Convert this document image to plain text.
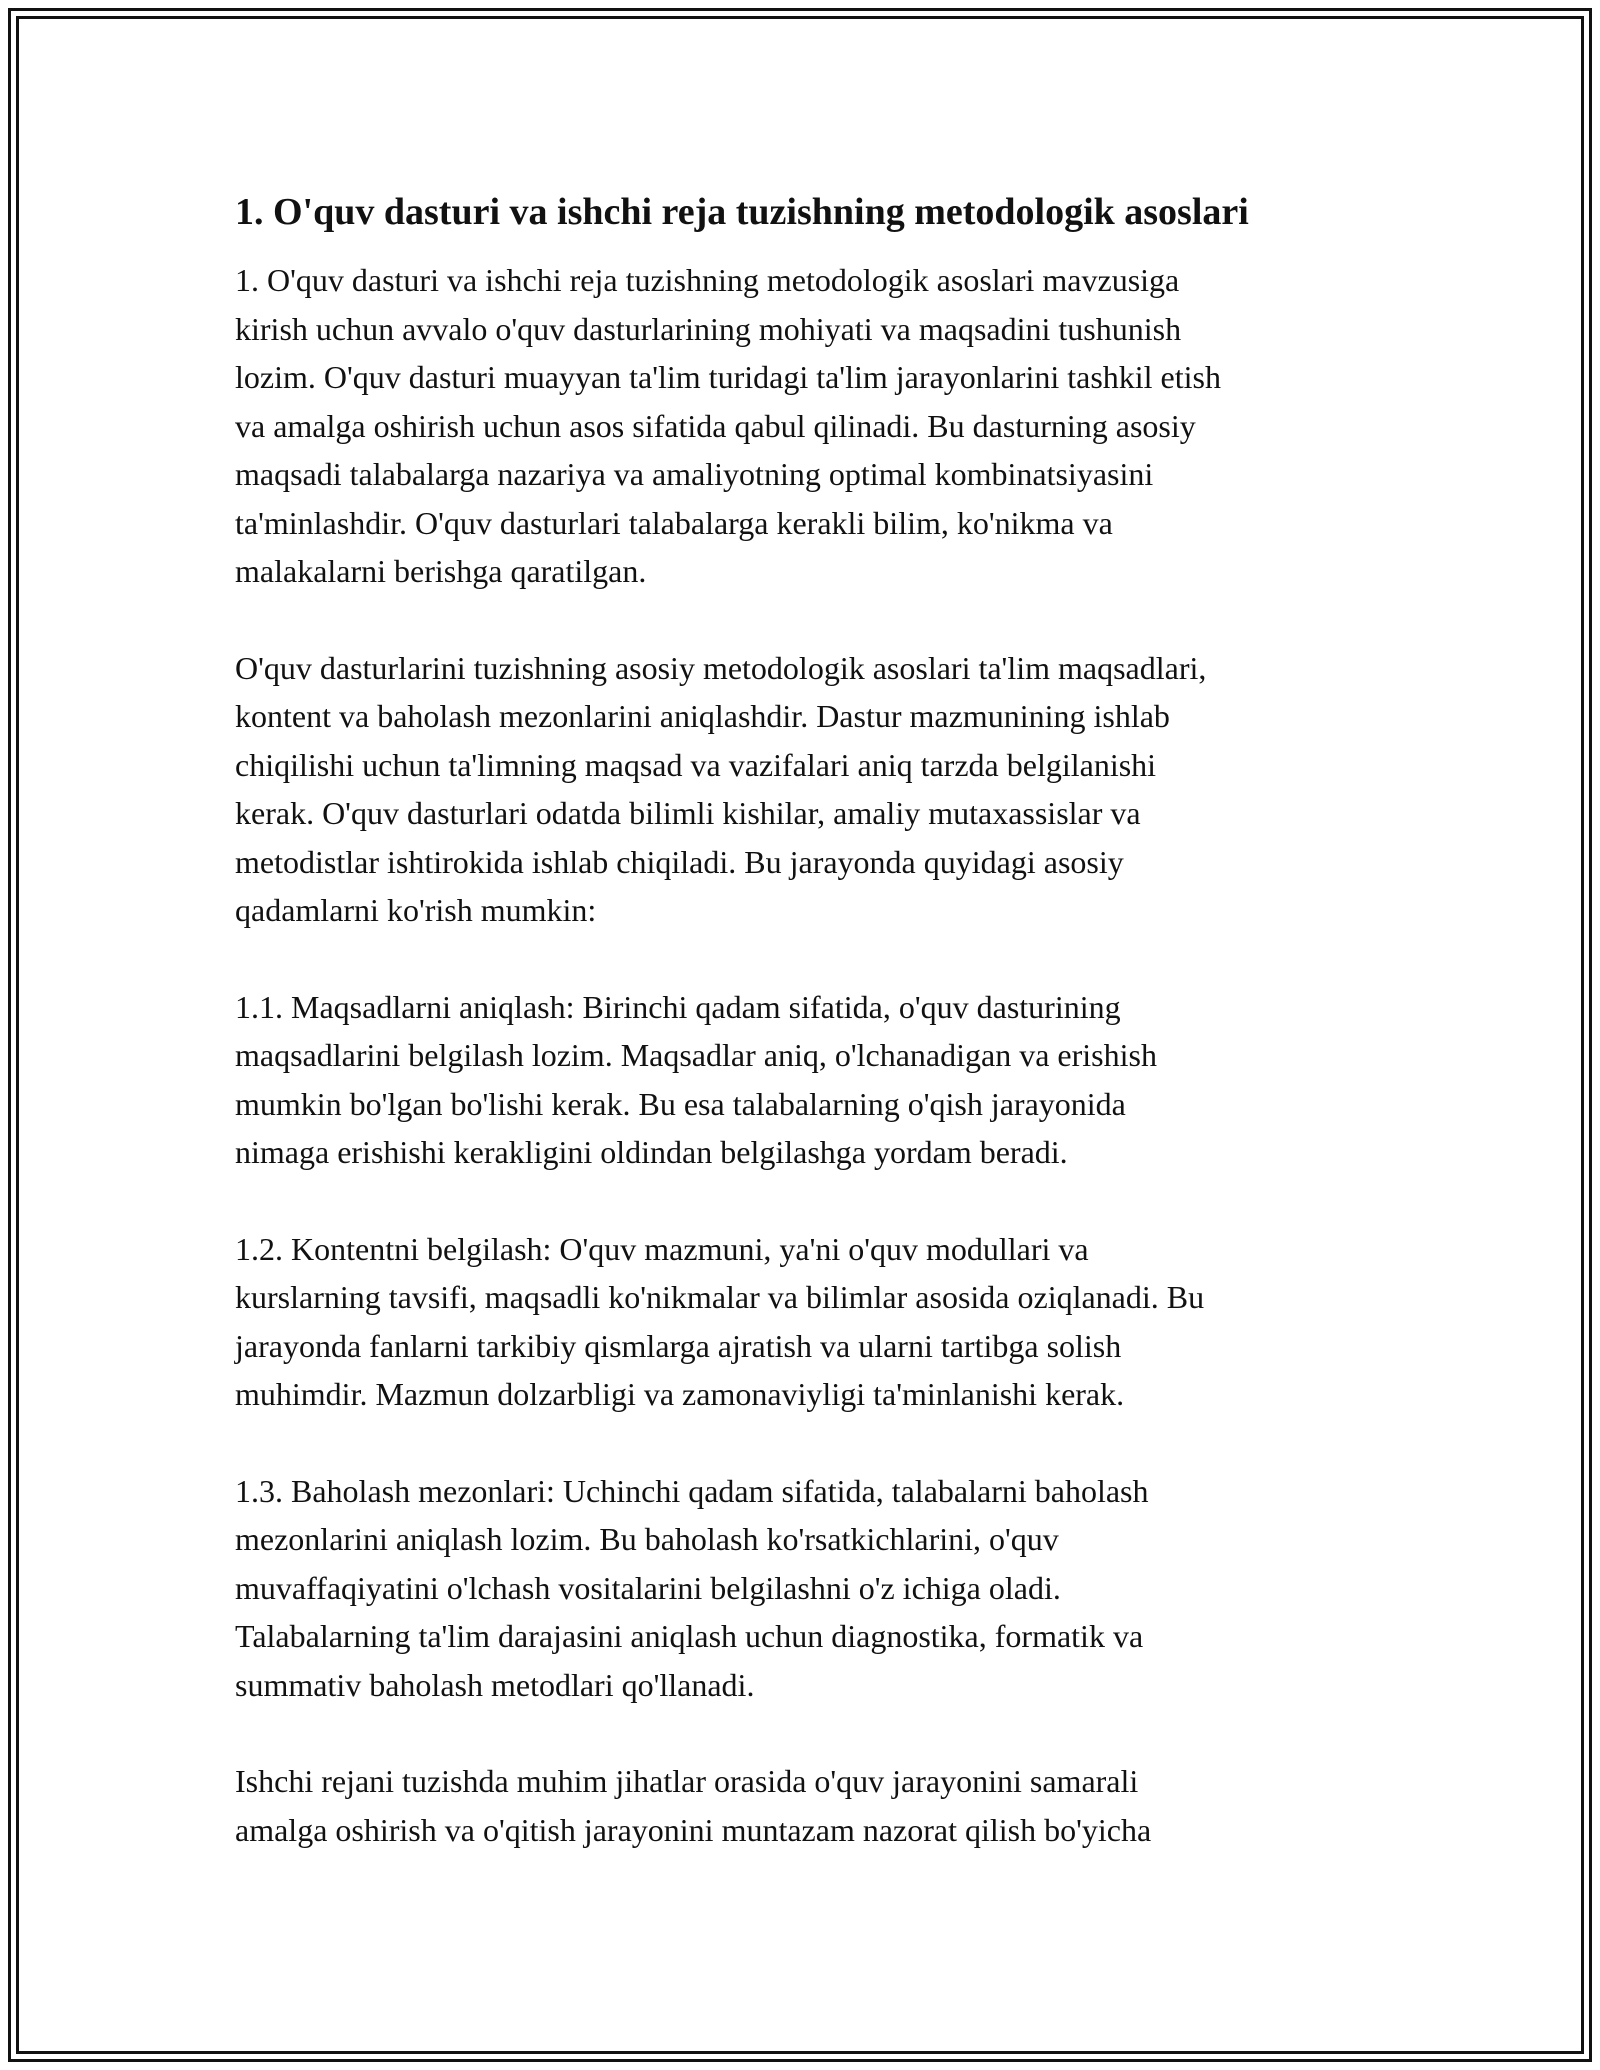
1. O'quv dasturi va ishchi reja tuzishning metodologik asoslari
1. O'quv dasturi va ishchi reja tuzishning metodologik asoslari mavzusiga
kirish uchun avvalo o'quv dasturlarining mohiyati va maqsadini tushunish
lozim. O'quv dasturi muayyan ta'lim turidagi ta'lim jarayonlarini tashkil etish
va amalga oshirish uchun asos sifatida qabul qilinadi. Bu dasturning asosiy
maqsadi talabalarga nazariya va amaliyotning optimal kombinatsiyasini
ta'minlashdir. O'quv dasturlari talabalarga kerakli bilim, ko'nikma va
malakalarni berishga qaratilgan.
O'quv dasturlarini tuzishning asosiy metodologik asoslari ta'lim maqsadlari,
kontent va baholash mezonlarini aniqlashdir. Dastur mazmunining ishlab
chiqilishi uchun ta'limning maqsad va vazifalari aniq tarzda belgilanishi
kerak. O'quv dasturlari odatda bilimli kishilar, amaliy mutaxassislar va
metodistlar ishtirokida ishlab chiqiladi. Bu jarayonda quyidagi asosiy
qadamlarni ko'rish mumkin:
1.1. Maqsadlarni aniqlash: Birinchi qadam sifatida, o'quv dasturining
maqsadlarini belgilash lozim. Maqsadlar aniq, o'lchanadigan va erishish
mumkin bo'lgan bo'lishi kerak. Bu esa talabalarning o'qish jarayonida
nimaga erishishi kerakligini oldindan belgilashga yordam beradi.
1.2. Kontentni belgilash: O'quv mazmuni, ya'ni o'quv modullari va
kurslarning tavsifi, maqsadli ko'nikmalar va bilimlar asosida oziqlanadi. Bu
jarayonda fanlarni tarkibiy qismlarga ajratish va ularni tartibga solish
muhimdir. Mazmun dolzarbligi va zamonaviyligi ta'minlanishi kerak.
1.3. Baholash mezonlari: Uchinchi qadam sifatida, talabalarni baholash
mezonlarini aniqlash lozim. Bu baholash ko'rsatkichlarini, o'quv
muvaffaqiyatini o'lchash vositalarini belgilashni o'z ichiga oladi.
Talabalarning ta'lim darajasini aniqlash uchun diagnostika, formatik va
summativ baholash metodlari qo'llanadi.
Ishchi rejani tuzishda muhim jihatlar orasida o'quv jarayonini samarali
amalga oshirish va o'qitish jarayonini muntazam nazorat qilish bo'yicha
